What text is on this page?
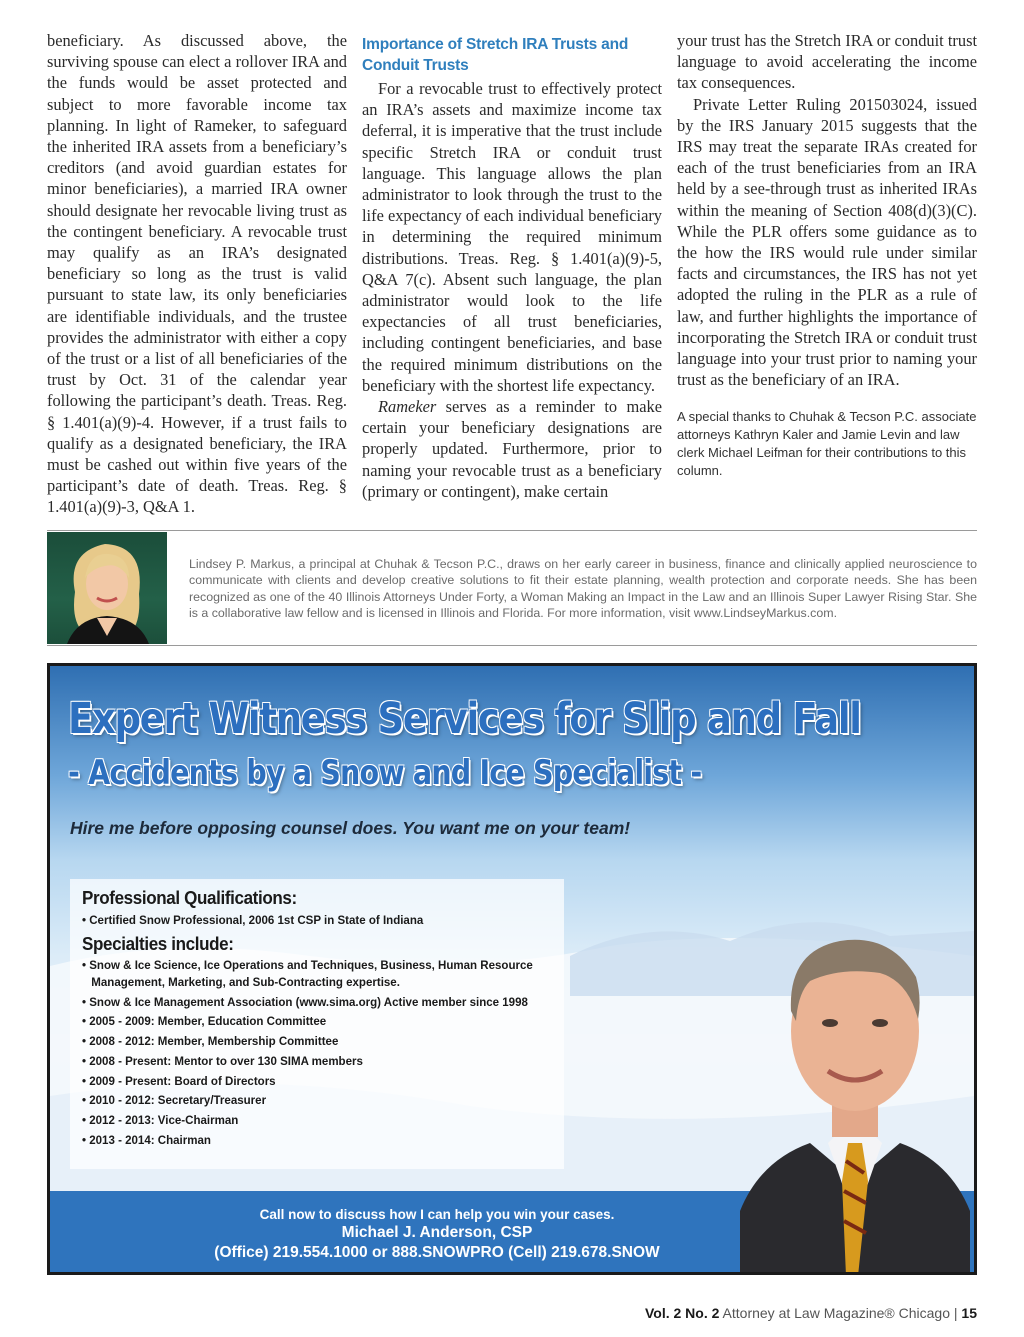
beneficiary. As discussed above, the surviving spouse can elect a rollover IRA and the funds would be asset protected and subject to more favorable income tax planning. In light of Rameker, to safeguard the inherited IRA assets from a beneficiary’s creditors (and avoid guardian estates for minor beneficiaries), a married IRA owner should designate her revocable living trust as the contingent beneficiary. A revocable trust may qualify as an IRA’s designated beneficiary so long as the trust is valid pursuant to state law, its only beneficiaries are identifiable individuals, and the trustee provides the administrator with either a copy of the trust or a list of all beneficiaries of the trust by Oct. 31 of the calendar year following the participant’s death. Treas. Reg. § 1.401(a)(9)-4. However, if a trust fails to qualify as a designated beneficiary, the IRA must be cashed out within five years of the participant’s date of death. Treas. Reg. § 1.401(a)(9)-3, Q&A 1.

Importance of Stretch IRA Trusts and Conduit Trusts

For a revocable trust to effectively protect an IRA’s assets and maximize income tax deferral, it is imperative that the trust include specific Stretch IRA or conduit trust language. This language allows the plan administrator to look through the trust to the life expectancy of each individual beneficiary in determining the required minimum distributions. Treas. Reg. § 1.401(a)(9)-5, Q&A 7(c). Absent such language, the plan administrator would look to the life expectancies of all trust beneficiaries, including contingent beneficiaries, and base the required minimum distributions on the beneficiary with the shortest life expectancy.

Rameker serves as a reminder to make certain your beneficiary designations are properly updated. Furthermore, prior to naming your revocable trust as a beneficiary (primary or contingent), make certain

your trust has the Stretch IRA or conduit trust language to avoid accelerating the income tax consequences.

Private Letter Ruling 201503024, issued by the IRS January 2015 suggests that the IRS may treat the separate IRAs created for each of the trust beneficiaries from an IRA held by a see-through trust as inherited IRAs within the meaning of Section 408(d)(3)(C). While the PLR offers some guidance as to the how the IRS would rule under similar facts and circumstances, the IRS has not yet adopted the ruling in the PLR as a rule of law, and further highlights the importance of incorporating the Stretch IRA or conduit trust language into your trust prior to naming your trust as the beneficiary of an IRA.

A special thanks to Chuhak & Tecson P.C. associate attorneys Kathryn Kaler and Jamie Levin and law clerk Michael Leifman for their contributions to this column.
Lindsey P. Markus, a principal at Chuhak & Tecson P.C., draws on her early career in business, finance and clinically applied neuroscience to communicate with clients and develop creative solutions to fit their estate planning, wealth protection and corporate needs. She has been recognized as one of the 40 Illinois Attorneys Under Forty, a Woman Making an Impact in the Law and an Illinois Super Lawyer Rising Star. She is a collaborative law fellow and is licensed in Illinois and Florida. For more information, visit www.LindseyMarkus.com.
Expert Witness Services for Slip and Fall
- Accidents by a Snow and Ice Specialist -
Hire me before opposing counsel does. You want me on your team!
Professional Qualifications:
• Certified Snow Professional, 2006 1st CSP in State of Indiana
Specialties include:
• Snow & Ice Science, Ice Operations and Techniques, Business, Human Resource Management, Marketing, and Sub-Contracting expertise.
• Snow & Ice Management Association (www.sima.org) Active member since 1998
• 2005 - 2009: Member, Education Committee
• 2008 - 2012: Member, Membership Committee
• 2008 - Present: Mentor to over 130 SIMA members
• 2009 - Present: Board of Directors
• 2010 - 2012: Secretary/Treasurer
• 2012 - 2013: Vice-Chairman
• 2013 - 2014: Chairman
Call now to discuss how I can help you win your cases.
Michael J. Anderson, CSP
(Office) 219.554.1000 or 888.SNOWPRO (Cell) 219.678.SNOW
Vol. 2 No. 2 Attorney at Law Magazine® Chicago | 15
